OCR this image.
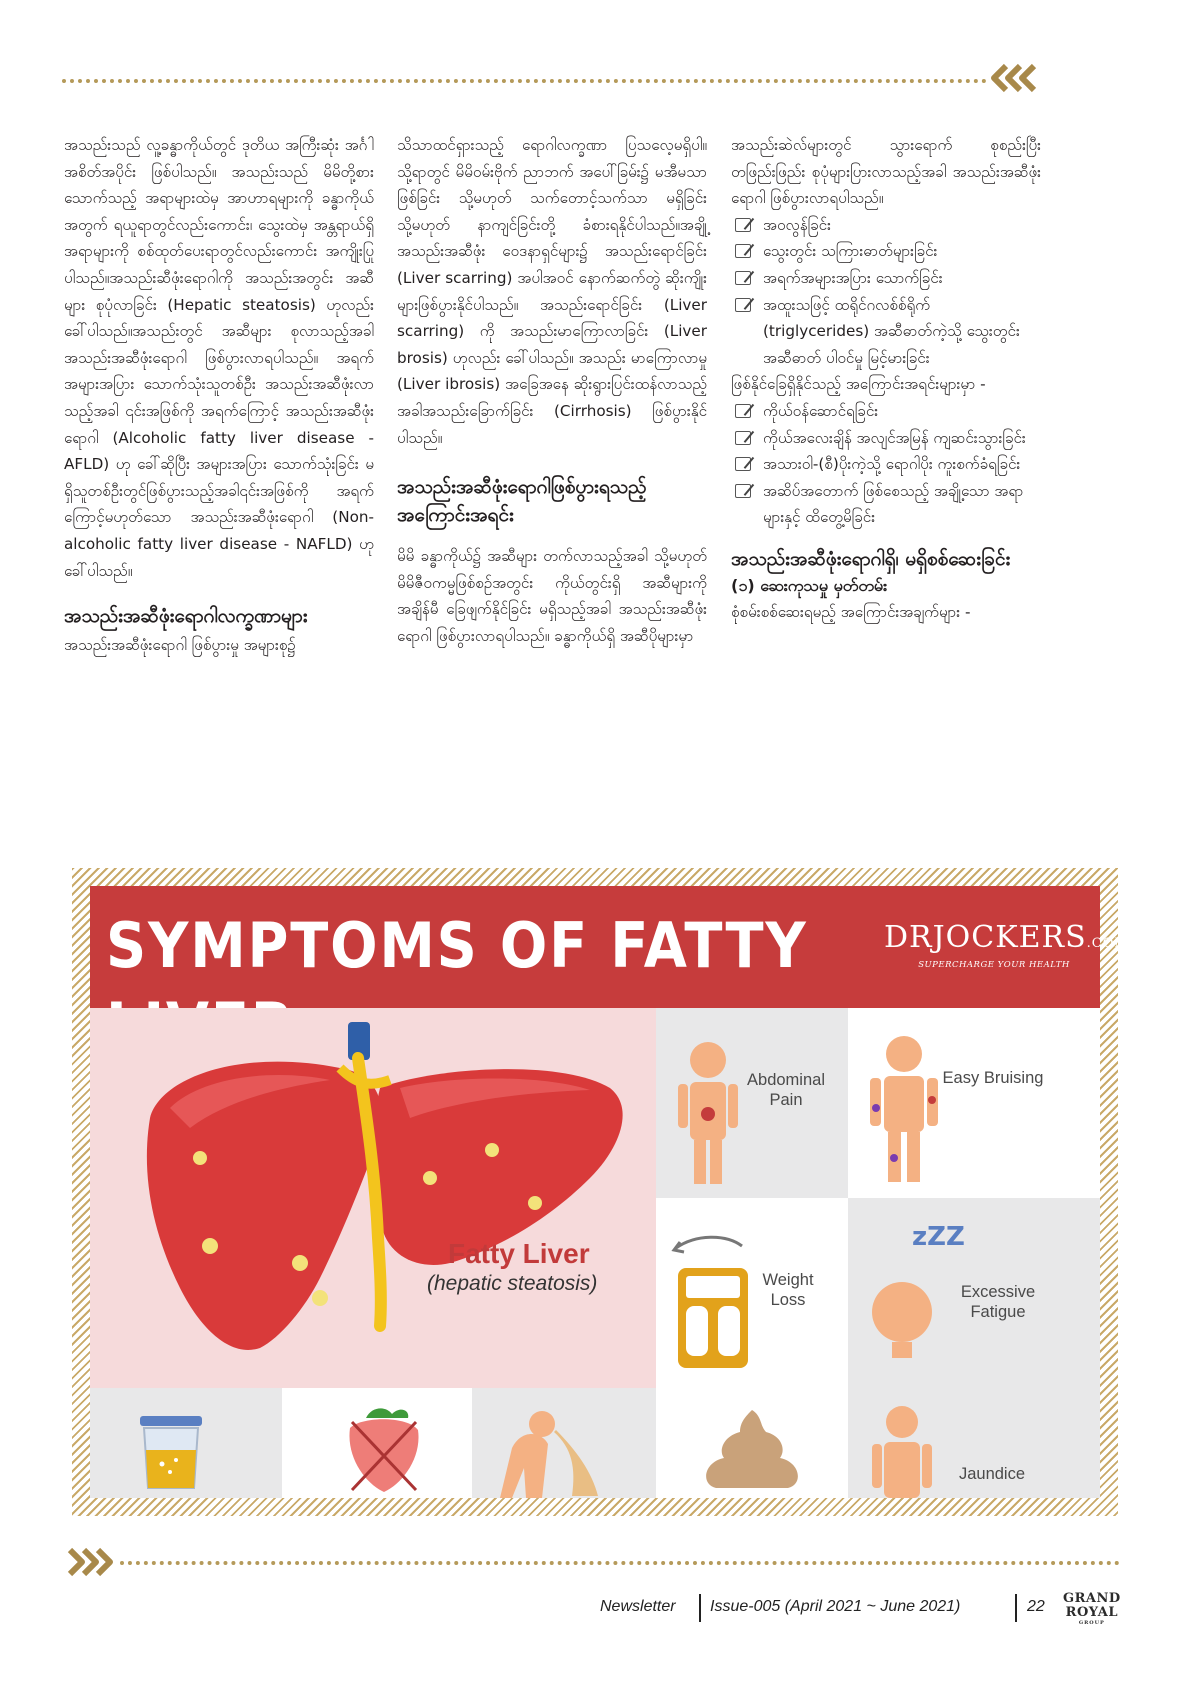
အသည်းသည် လူ့ခန္ဓာကိုယ်တွင် ဒုတိယ အကြီးဆုံး အင်္ဂါအစိတ်အပိုင်း ဖြစ်ပါသည်။ အသည်းသည် မိမိတို့စားသောက်သည့် အရာများထဲမှ အာဟာရများကို ခန္ဓာကိုယ်အတွက် ရယူရာတွင်လည်းကောင်း၊ သွေးထဲမှ အန္တရာယ်ရှိ အရာများကို စစ်ထုတ်ပေးရာတွင်လည်းကောင်း အကျိုးပြုပါသည်။အသည်းဆီဖုံးရောဂါကို အသည်းအတွင်း အဆီများ စုပုံလာခြင်း (Hepatic steatosis) ဟုလည်း ခေါ်ပါသည်။အသည်းတွင် အဆီများ စုလာသည့်အခါ အသည်းအဆီဖုံးရောဂါ ဖြစ်ပွားလာရပါသည်။ အရက် အများအပြား သောက်သုံးသူတစ်ဦး အသည်းအဆီဖုံးလာသည့်အခါ ၎င်းအဖြစ်ကို အရက်ကြောင့် အသည်းအဆီဖုံးရောဂါ (Alcoholic fatty liver disease - AFLD) ဟု ခေါ်ဆိုပြီး အများအပြား သောက်သုံးခြင်း မရှိသူတစ်ဦးတွင်ဖြစ်ပွားသည့်အခါ၎င်းအဖြစ်ကို အရက်ကြောင့်မဟုတ်သော အသည်းအဆီဖုံးရောဂါ (Non-alcoholic fatty liver disease - NAFLD) ဟု ခေါ်ပါသည်။

အသည်းအဆီဖုံးရောဂါလက္ခဏာများ

အသည်းအဆီဖုံးရောဂါ ဖြစ်ပွားမှု အများစု၌

သိသာထင်ရှားသည့် ရောဂါလက္ခဏာ ပြသလေ့မရှိပါ။ သို့ရာတွင် မိမိဝမ်းဗိုက် ညာဘက် အပေါ်ခြမ်း၌ မအီမသာ ဖြစ်ခြင်း သို့မဟုတ် သက်တောင့်သက်သာ မရှိခြင်း သို့မဟုတ် နာကျင်ခြင်းတို့ ခံစားရနိုင်ပါသည်။အချို့အသည်းအဆီဖုံး ဝေဒနာရှင်များ၌ အသည်းရောင်ခြင်း (Liver scarring) အပါအဝင် နောက်ဆက်တွဲ ဆိုးကျိုးများဖြစ်ပွားနိုင်ပါသည်။ အသည်းရောင်ခြင်း (Liver scarring) ကို အသည်းမာကြောလာခြင်း (Liver brosis) ဟုလည်း ခေါ်ပါသည်။ အသည်း မာကြောလာမှု (Liver ibrosis) အခြေအနေ ဆိုးရွားပြင်းထန်လာသည့်အခါအသည်းခြောက်ခြင်း (Cirrhosis) ဖြစ်ပွားနိုင်ပါသည်။

အသည်းအဆီဖုံးရောဂါဖြစ်ပွားရသည့် အကြောင်းအရင်း

မိမိ ခန္ဓာကိုယ်၌ အဆီများ တက်လာသည့်အခါ သို့မဟုတ် မိမိဇီဝကမ္မဖြစ်စဉ်အတွင်း ကိုယ်တွင်းရှိ အဆီများကို အချိန်မီ ခြေဖျက်နိုင်ခြင်း မရှိသည့်အခါ အသည်းအဆီဖုံးရောဂါ ဖြစ်ပွားလာရပါသည်။ ခန္ဓာကိုယ်ရှိ အဆီပိုများမှာ

အသည်းဆဲလ်များတွင် သွားရောက် စုစည်းပြီး တဖြည်းဖြည်း စုပုံများပြားလာသည့်အခါ အသည်းအဆီဖုံးရောဂါ ဖြစ်ပွားလာရပါသည်။

အဝလွန်ခြင်း
သွေးတွင်း သကြားဓာတ်များခြင်း
အရက်အများအပြား သောက်ခြင်း
အထူးသဖြင့် ထရိုင်ဂလစ်စ်ရိုက် (triglycerides) အဆီဓာတ်ကဲ့သို့ သွေးတွင်းအဆီဓာတ် ပါဝင်မှု မြင့်မားခြင်း

ဖြစ်နိုင်ခြေရှိနိုင်သည့် အကြောင်းအရင်းများမှာ -

ကိုယ်ဝန်ဆောင်ရခြင်း
ကိုယ်အလေးချိန် အလျင်အမြန် ကျဆင်းသွားခြင်း
အသားဝါ-(စီ)ပိုးကဲ့သို့ ရောဂါပိုး ကူးစက်ခံရခြင်း
အဆိပ်အတောက် ဖြစ်စေသည့် အချို့သော အရာများနှင့် ထိတွေ့မိခြင်း
အသည်းအဆီဖုံးရောဂါရှိ၊ မရှိစစ်ဆေးခြင်း
(၁) ဆေးကုသမှု မှတ်တမ်း

စုံစမ်းစစ်ဆေးရမည့် အကြောင်းအချက်များ -

SYMPTOMS OF FATTY	DRJOCKERS.COM
SUPERCHARGE YOUR HEALTH
Fatty Liver
(hepatic steatosis)
Abdominal Pain
Easy Bruising
Weight Loss
zZZ
Excessive Fatigue
Jaundice
Newsletter Issue-005 (April 2021 ~ June 2021)	22 GRAND
ROYAL
GROUP
